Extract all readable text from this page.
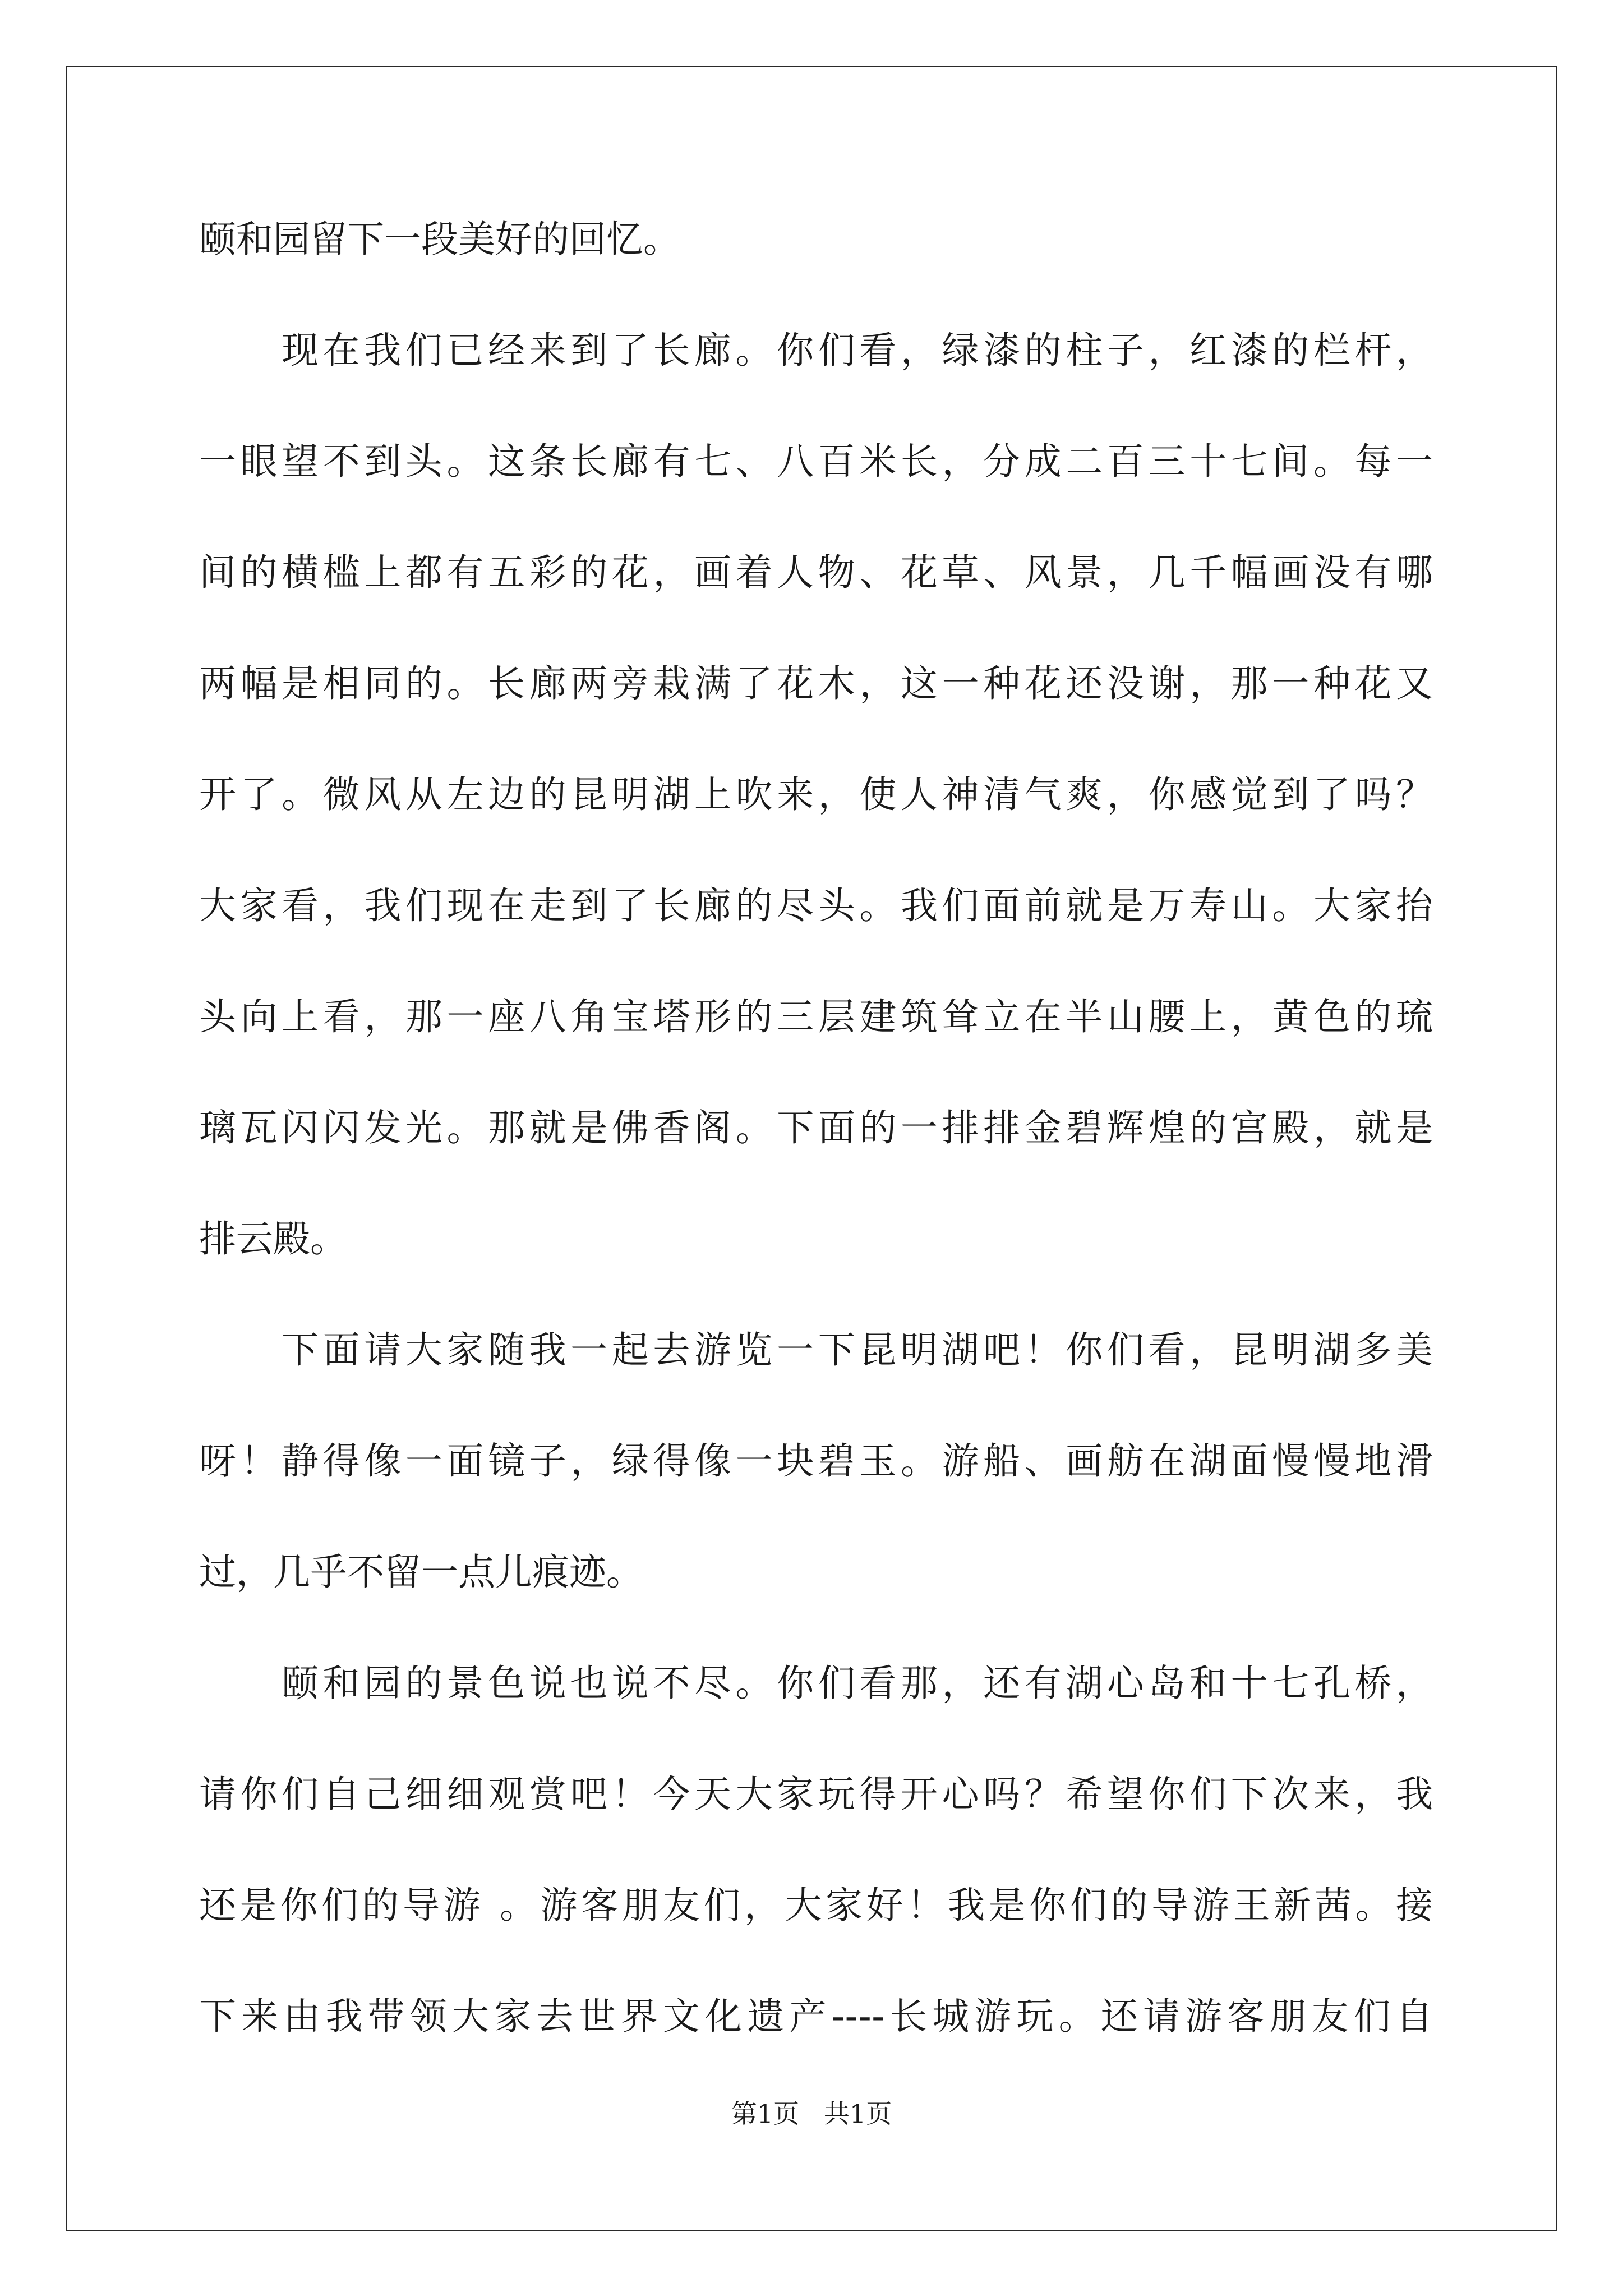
颐和园留下一段美好的回忆。
现在我们已经来到了长廊。你们看，绿漆的柱子，红漆的栏杆，
一眼望不到头。这条长廊有七、八百米长，分成二百三十七间。每一
间的横槛上都有五彩的花，画着人物、花草、风景，几千幅画没有哪
两幅是相同的。长廊两旁栽满了花木，这一种花还没谢，那一种花又
开了。微风从左边的昆明湖上吹来，使人神清气爽，你感觉到了吗？
大家看，我们现在走到了长廊的尽头。我们面前就是万寿山。大家抬
头向上看，那一座八角宝塔形的三层建筑耸立在半山腰上，黄色的琉
璃瓦闪闪发光。那就是佛香阁。下面的一排排金碧辉煌的宫殿，就是
排云殿。
下面请大家随我一起去游览一下昆明湖吧！你们看，昆明湖多美
呀！静得像一面镜子，绿得像一块碧玉。游船、画舫在湖面慢慢地滑
过，几乎不留一点儿痕迹。
颐和园的景色说也说不尽。你们看那，还有湖心岛和十七孔桥，
请你们自己细细观赏吧！今天大家玩得开心吗？希望你们下次来，我
还是你们的导游 。游客朋友们，大家好！我是你们的导游王新茜。接
下来由我带领大家去世界文化遗产----长城游玩。还请游客朋友们自
第1页   共1页
